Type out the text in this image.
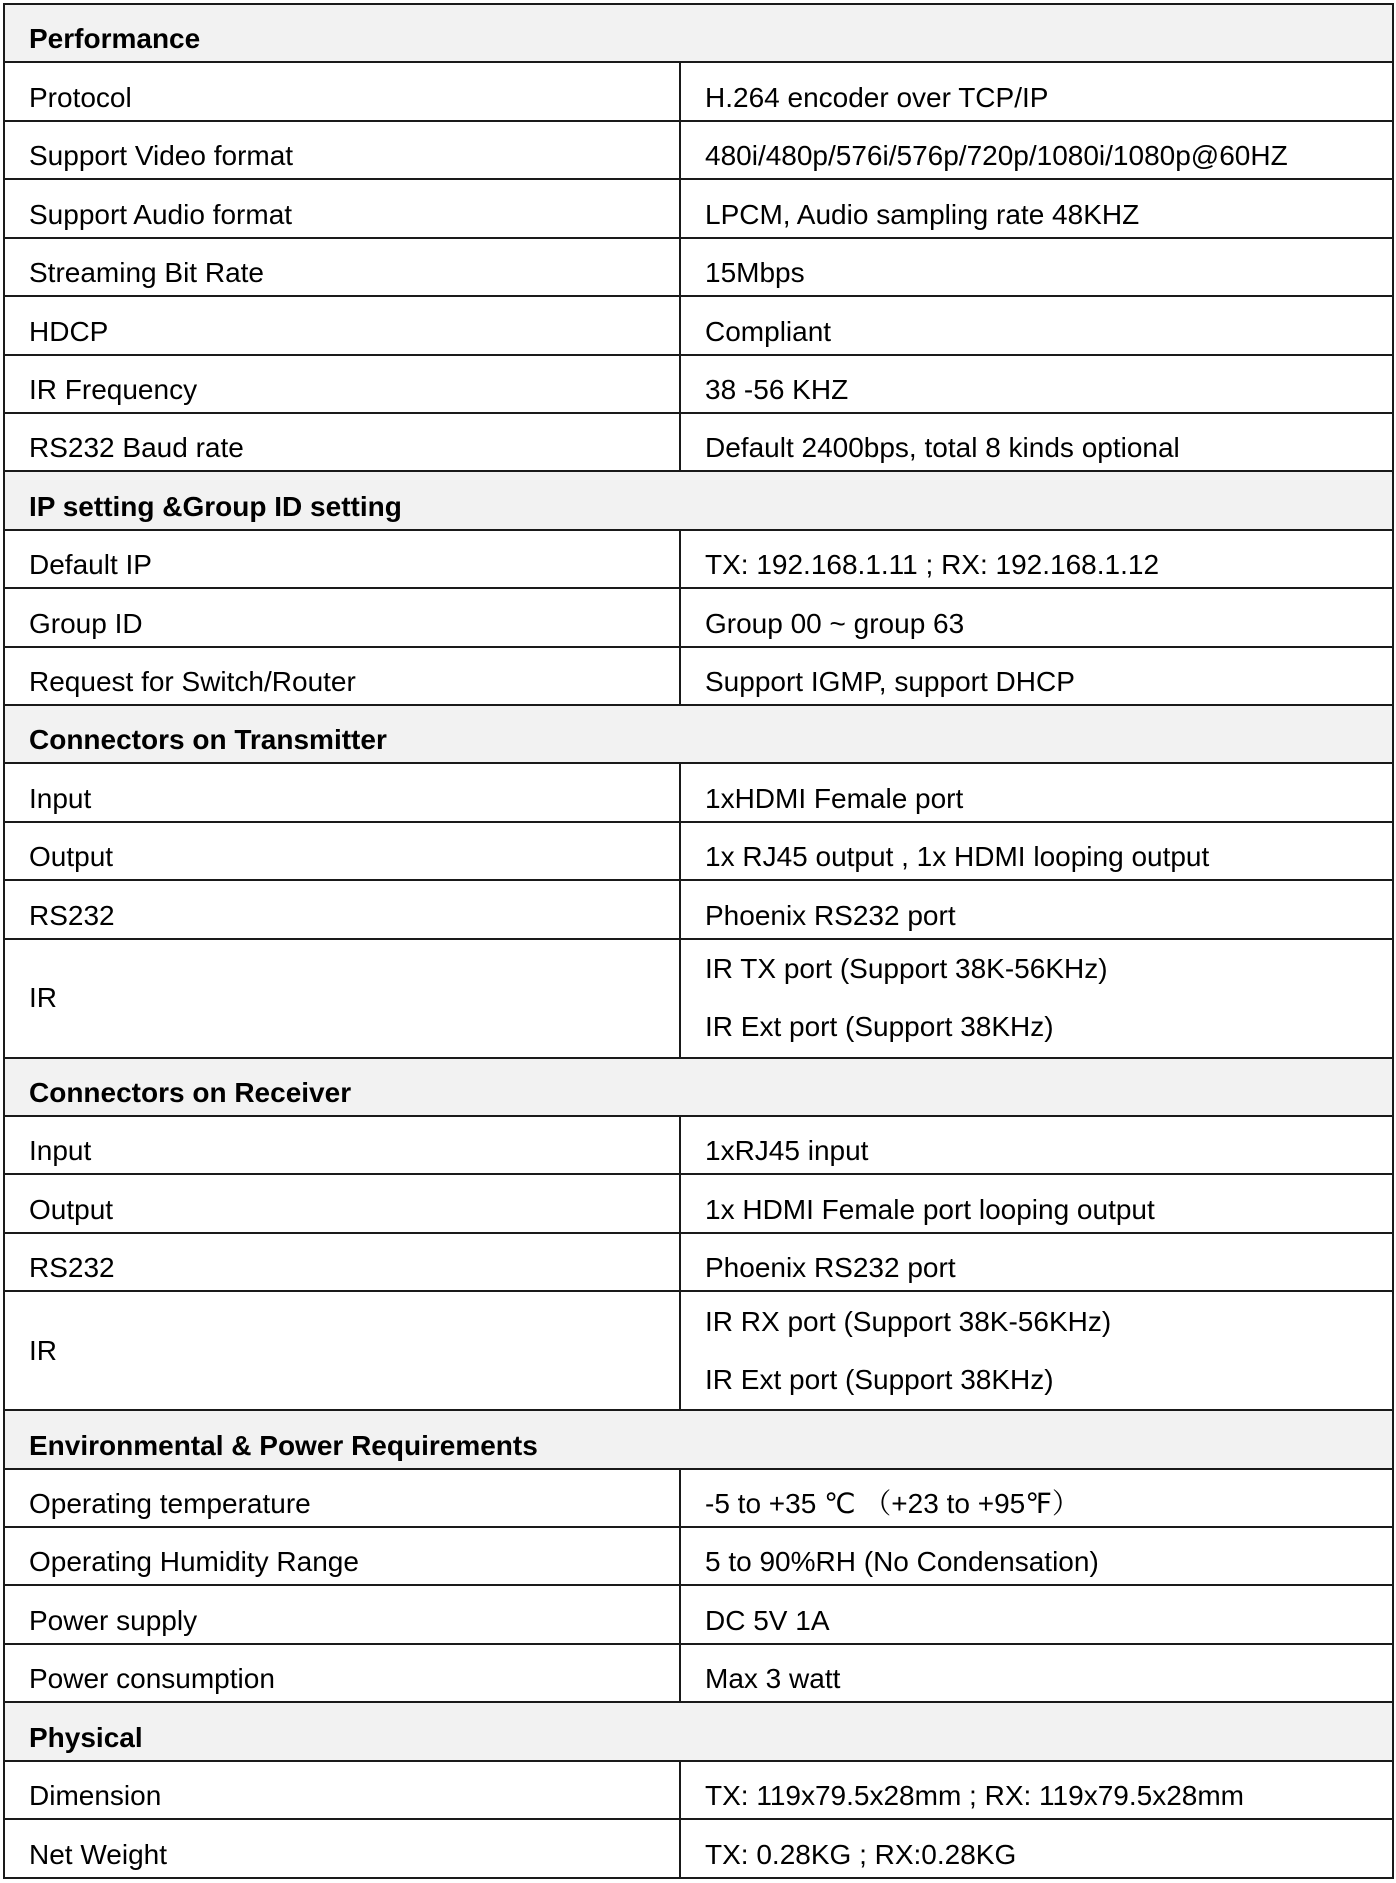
Performance	
Protocol	H.264 encoder over TCP/IP
Support Video format	480i/480p/576i/576p/720p/1080i/1080p@60HZ
Support Audio format	LPCM, Audio sampling rate 48KHZ
Streaming Bit Rate	15Mbps
HDCP	Compliant
IR Frequency	38 -56 KHZ
RS232 Baud rate	Default 2400bps, total 8 kinds optional
IP setting &Group ID setting	
Default IP	TX: 192.168.1.11 ; RX: 192.168.1.12
Group ID	Group 00 ~ group 63
Request for Switch/Router	Support IGMP, support DHCP
Connectors on Transmitter	
Input	1xHDMI Female port
Output	1x RJ45 output , 1x HDMI looping output
RS232	Phoenix RS232 port
IR	IR TX port (Support 38K-56KHz)
IR Ext port (Support 38KHz)

Connectors on Receiver	
Input	1xRJ45 input
Output	1x HDMI Female port looping output
RS232	Phoenix RS232 port
IR	IR RX port (Support 38K-56KHz)
IR Ext port (Support 38KHz)

Environmental & Power Requirements	
Operating temperature	-5 to +35 ℃ （+23 to +95℉）
Operating Humidity Range	5 to 90%RH (No Condensation)
Power supply	DC 5V 1A
Power consumption	Max 3 watt
Physical	
Dimension	TX: 119x79.5x28mm ; RX: 119x79.5x28mm
Net Weight	TX: 0.28KG ; RX:0.28KG
